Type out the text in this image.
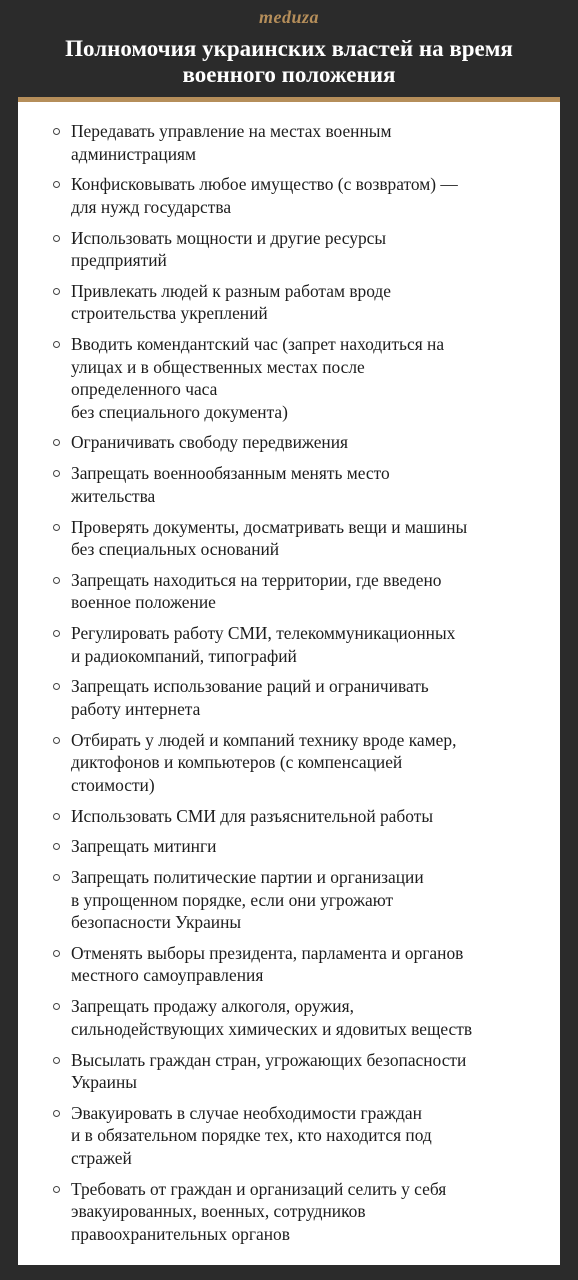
meduza
Полномочия украинских властей на время
военного положения
Передавать управление на местах военным
администрациям
Конфисковывать любое имущество (с возвратом) —
для нужд государства
Использовать мощности и другие ресурсы
предприятий
Привлекать людей к разным работам вроде
строительства укреплений
Вводить комендантский час (запрет находиться на
улицах и в общественных местах после
определенного часа
без специального документа)
Ограничивать свободу передвижения
Запрещать военнообязанным менять место
жительства
Проверять документы, досматривать вещи и машины
без специальных оснований
Запрещать находиться на территории, где введено
военное положение
Регулировать работу СМИ, телекоммуникационных
и радиокомпаний, типографий
Запрещать использование раций и ограничивать
работу интернета
Отбирать у людей и компаний технику вроде камер,
диктофонов и компьютеров (с компенсацией
стоимости)
Использовать СМИ для разъяснительной работы
Запрещать митинги
Запрещать политические партии и организации
в упрощенном порядке, если они угрожают
безопасности Украины
Отменять выборы президента, парламента и органов
местного самоуправления
Запрещать продажу алкоголя, оружия,
сильнодействующих химических и ядовитых веществ
Высылать граждан стран, угрожающих безопасности
Украины
Эвакуировать в случае необходимости граждан
и в обязательном порядке тех, кто находится под
стражей
Требовать от граждан и организаций селить у себя
эвакуированных, военных, сотрудников
правоохранительных органов
